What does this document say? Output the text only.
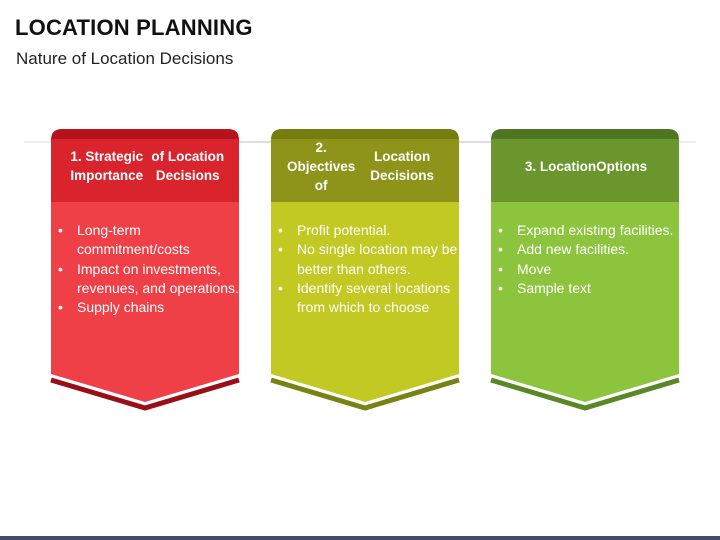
LOCATION PLANNING
Nature of Location Decisions
1. Strategic Importance
of Location Decisions
• Long-term commitment/costs
• Impact on investments, revenues, and operations.
• Supply chains
2. Objectives of
Location Decisions
• Profit potential.
• No single location may be better than others.
• Identify several locations from which to choose
3. Location Options
• Expand existing facilities.
• Add new facilities.
• Move
• Sample text
